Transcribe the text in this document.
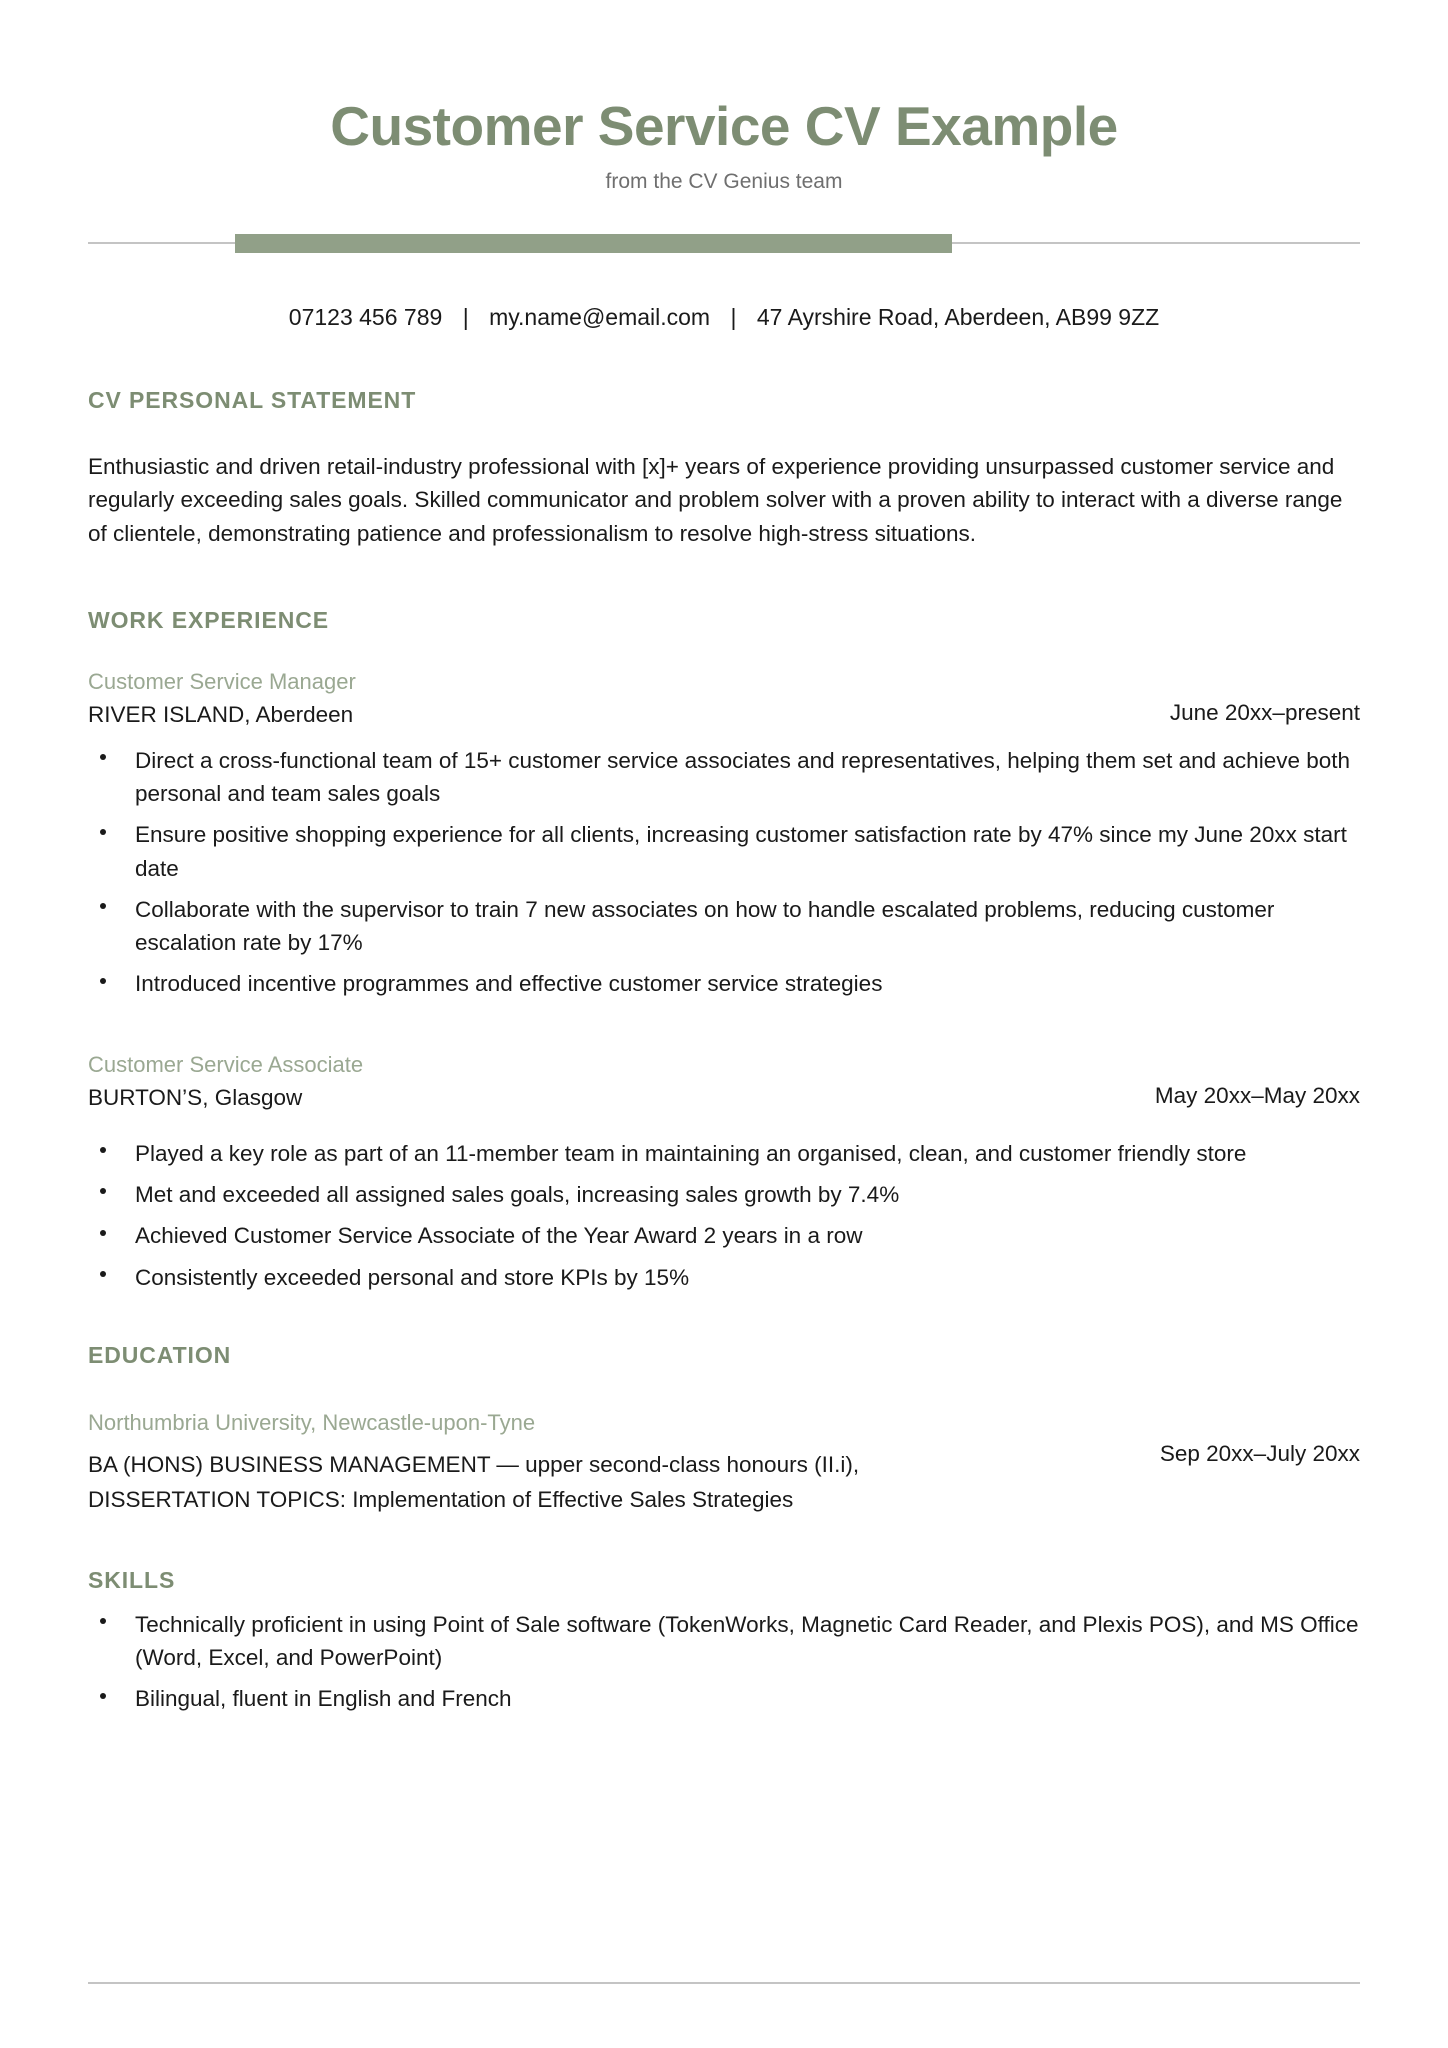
Customer Service CV Example
from the CV Genius team
07123 456 789 | my.name@email.com | 47 Ayrshire Road, Aberdeen, AB99 9ZZ
CV PERSONAL STATEMENT
Enthusiastic and driven retail-industry professional with [x]+ years of experience providing unsurpassed customer service and regularly exceeding sales goals. Skilled communicator and problem solver with a proven ability to interact with a diverse range of clientele, demonstrating patience and professionalism to resolve high-stress situations.
WORK EXPERIENCE
Customer Service Manager
RIVER ISLAND, Aberdeen	June 20xx–present
Direct a cross-functional team of 15+ customer service associates and representatives, helping them set and achieve both personal and team sales goals
Ensure positive shopping experience for all clients, increasing customer satisfaction rate by 47% since my June 20xx start date
Collaborate with the supervisor to train 7 new associates on how to handle escalated problems, reducing customer escalation rate by 17%
Introduced incentive programmes and effective customer service strategies
Customer Service Associate
BURTON’S, Glasgow	May 20xx–May 20xx
Played a key role as part of an 11-member team in maintaining an organised, clean, and customer friendly store
Met and exceeded all assigned sales goals, increasing sales growth by 7.4%
Achieved Customer Service Associate of the Year Award 2 years in a row
Consistently exceeded personal and store KPIs by 15%
EDUCATION
Northumbria University, Newcastle-upon-Tyne
BA (HONS) BUSINESS MANAGEMENT — upper second-class honours (II.i),
DISSERTATION TOPICS: Implementation of Effective Sales Strategies
Sep 20xx–July 20xx
SKILLS
Technically proficient in using Point of Sale software (TokenWorks, Magnetic Card Reader, and Plexis POS), and MS Office (Word, Excel, and PowerPoint)
Bilingual, fluent in English and French
